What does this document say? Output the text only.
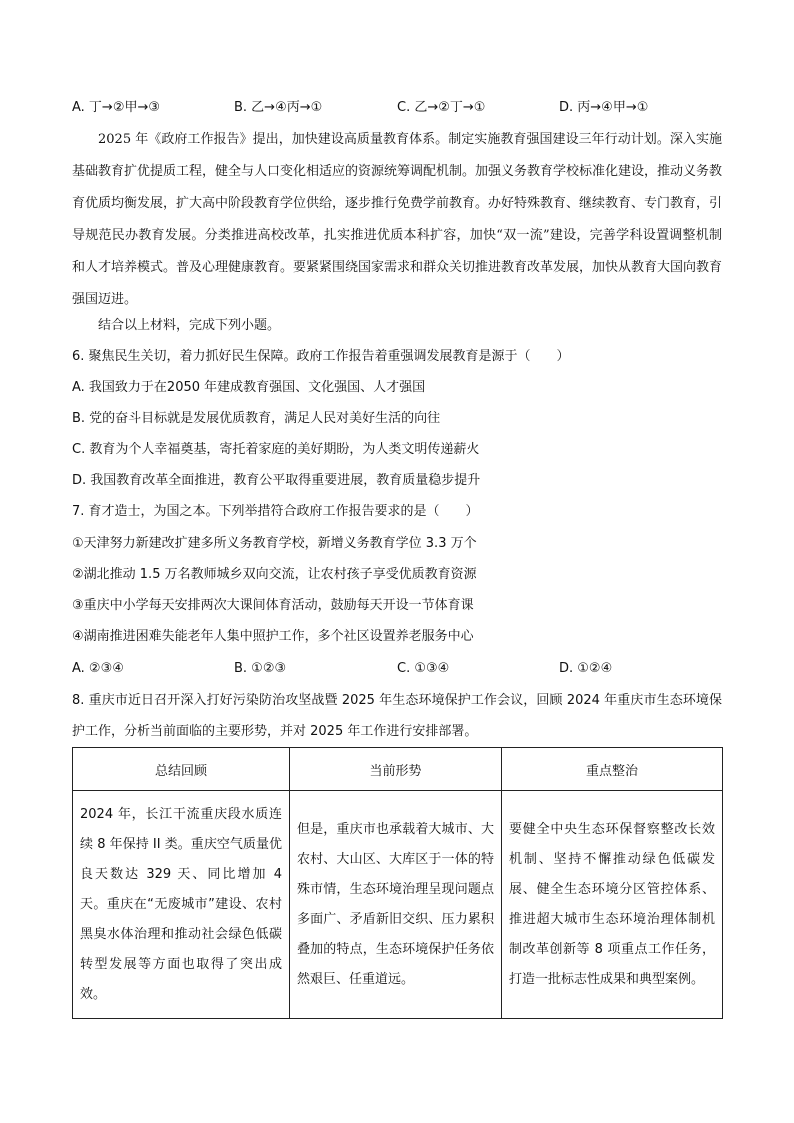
A. 丁→②甲→③	B. 乙→④丙→①	C. 乙→②丁→①	D. 丙→④甲→①
2025 年《政府工作报告》提出，加快建设高质量教育体系。制定实施教育强国建设三年行动计划。深入实施基础教育扩优提质工程，健全与人口变化相适应的资源统筹调配机制。加强义务教育学校标准化建设，推动义务教育优质均衡发展，扩大高中阶段教育学位供给，逐步推行免费学前教育。办好特殊教育、继续教育、专门教育，引导规范民办教育发展。分类推进高校改革，扎实推进优质本科扩容，加快“双一流”建设，完善学科设置调整机制和人才培养模式。普及心理健康教育。要紧紧围绕国家需求和群众关切推进教育改革发展，加快从教育大国向教育强国迈进。
结合以上材料，完成下列小题。
6. 聚焦民生关切，着力抓好民生保障。政府工作报告着重强调发展教育是源于（　　）
A. 我国致力于在2050 年建成教育强国、文化强国、人才强国
B. 党的奋斗目标就是发展优质教育，满足人民对美好生活的向往
C. 教育为个人幸福奠基，寄托着家庭的美好期盼，为人类文明传递薪火
D. 我国教育改革全面推进，教育公平取得重要进展，教育质量稳步提升
7. 育才造士，为国之本。下列举措符合政府工作报告要求的是（　　）
①天津努力新建改扩建多所义务教育学校，新增义务教育学位 3.3 万个
②湖北推动 1.5 万名教师城乡双向交流，让农村孩子享受优质教育资源
③重庆中小学每天安排两次大课间体育活动，鼓励每天开设一节体育课
④湖南推进困难失能老年人集中照护工作，多个社区设置养老服务中心
A. ②③④	B. ①②③	C. ①③④	D. ①②④
8. 重庆市近日召开深入打好污染防治攻坚战暨 2025 年生态环境保护工作会议，回顾 2024 年重庆市生态环境保护工作，分析当前面临的主要形势，并对 2025 年工作进行安排部署。
总结回顾	当前形势	重点整治
2024 年，长江干流重庆段水质连续 8 年保持 II 类。重庆空气质量优良天数达 329 天、同比增加 4 天。重庆在“无废城市”建设、农村黑臭水体治理和推动社会绿色低碳转型发展等方面也取得了突出成效。	但是，重庆市也承载着大城市、大农村、大山区、大库区于一体的特殊市情，生态环境治理呈现问题点多面广、矛盾新旧交织、压力累积叠加的特点，生态环境保护任务依然艰巨、任重道远。	要健全中央生态环保督察整改长效机制、坚持不懈推动绿色低碳发展、健全生态环境分区管控体系、推进超大城市生态环境治理体制机制改革创新等 8 项重点工作任务，打造一批标志性成果和典型案例。
